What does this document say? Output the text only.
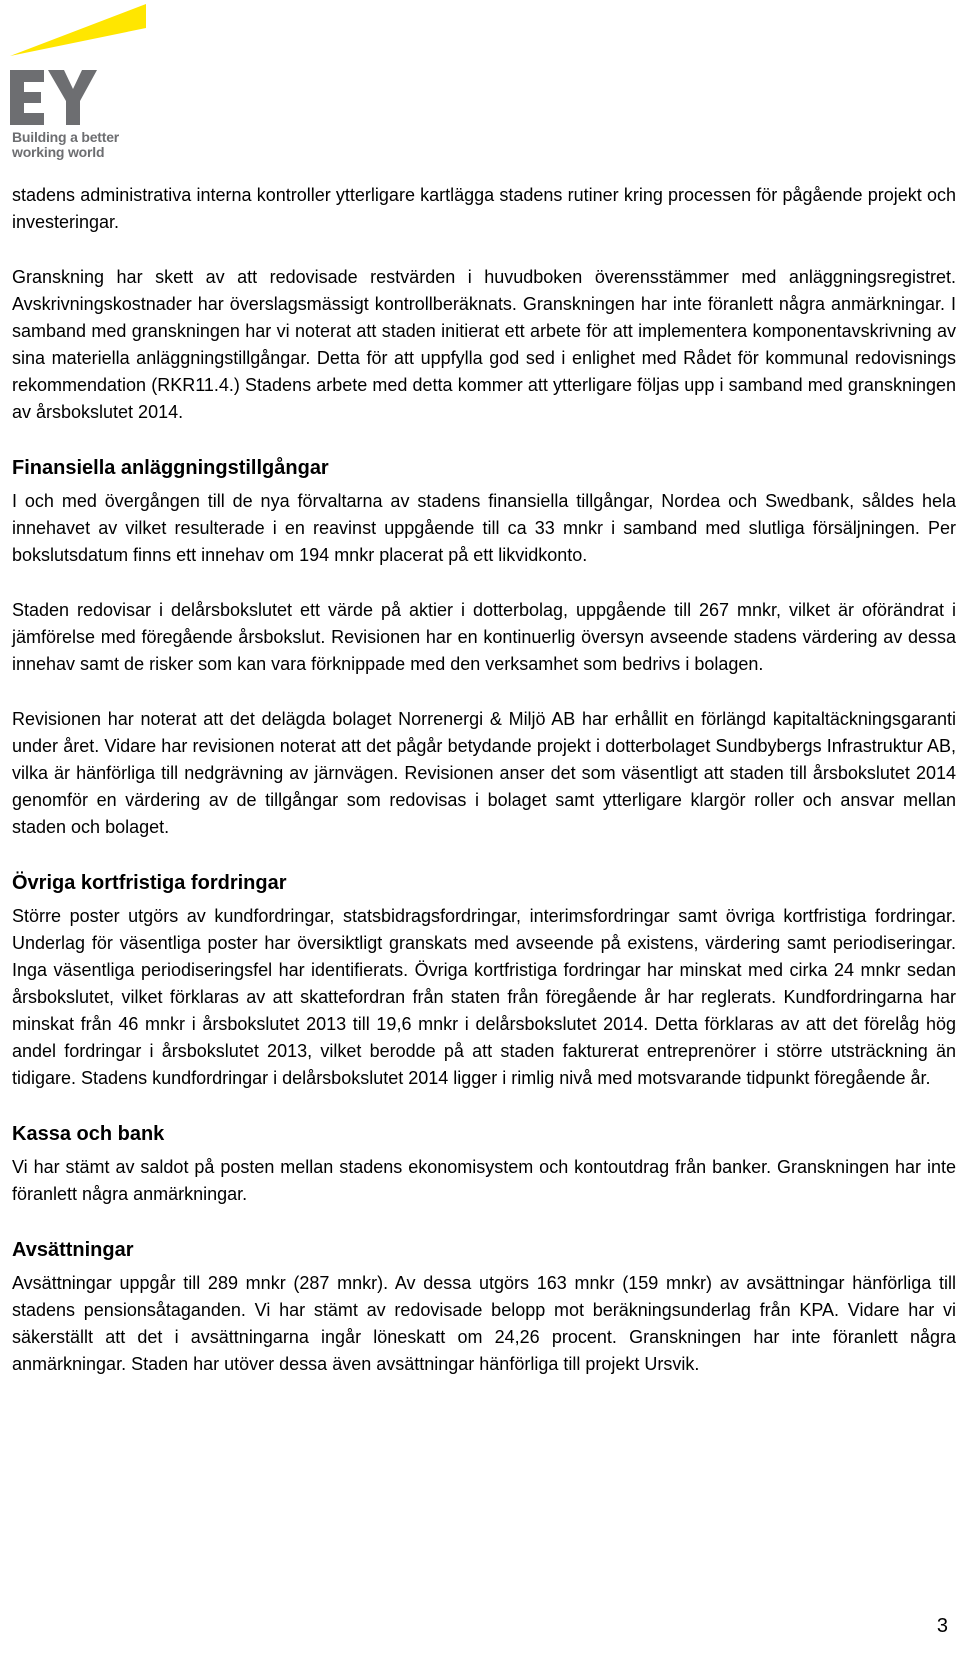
Building a better
working world

stadens administrativa interna kontroller ytterligare kartlägga stadens rutiner kring processen för pågående projekt och investeringar.

Granskning har skett av att redovisade restvärden i huvudboken överensstämmer med anläggningsregistret. Avskrivningskostnader har överslagsmässigt kontrollberäknats. Granskningen har inte föranlett några anmärkningar. I samband med granskningen har vi noterat att staden initierat ett arbete för att implementera komponentavskrivning av sina materiella anläggningstillgångar. Detta för att uppfylla god sed i enlighet med Rådet för kommunal redovisnings rekommendation (RKR11.4.) Stadens arbete med detta kommer att ytterligare följas upp i samband med granskningen av årsbokslutet 2014.

Finansiella anläggningstillgångar

I och med övergången till de nya förvaltarna av stadens finansiella tillgångar, Nordea och Swedbank, såldes hela innehavet av vilket resulterade i en reavinst uppgående till ca 33 mnkr i samband med slutliga försäljningen. Per bokslutsdatum finns ett innehav om 194 mnkr placerat på ett likvidkonto.

Staden redovisar i delårsbokslutet ett värde på aktier i dotterbolag, uppgående till 267 mnkr, vilket är oförändrat i jämförelse med föregående årsbokslut. Revisionen har en kontinuerlig översyn avseende stadens värdering av dessa innehav samt de risker som kan vara förknippade med den verksamhet som bedrivs i bolagen.

Revisionen har noterat att det delägda bolaget Norrenergi & Miljö AB har erhållit en förlängd kapitaltäckningsgaranti under året. Vidare har revisionen noterat att det pågår betydande projekt i dotterbolaget Sundbybergs Infrastruktur AB, vilka är hänförliga till nedgrävning av järnvägen. Revisionen anser det som väsentligt att staden till årsbokslutet 2014 genomför en värdering av de tillgångar som redovisas i bolaget samt ytterligare klargör roller och ansvar mellan staden och bolaget.

Övriga kortfristiga fordringar

Större poster utgörs av kundfordringar, statsbidragsfordringar, interimsfordringar samt övriga kortfristiga fordringar. Underlag för väsentliga poster har översiktligt granskats med avseende på existens, värdering samt periodiseringar. Inga väsentliga periodiseringsfel har identifierats. Övriga kortfristiga fordringar har minskat med cirka 24 mnkr sedan årsbokslutet, vilket förklaras av att skattefordran från staten från föregående år har reglerats. Kundfordringarna har minskat från 46 mnkr i årsbokslutet 2013 till 19,6 mnkr i delårsbokslutet 2014. Detta förklaras av att det förelåg hög andel fordringar i årsbokslutet 2013, vilket berodde på att staden fakturerat entreprenörer i större utsträckning än tidigare. Stadens kundfordringar i delårsbokslutet 2014 ligger i rimlig nivå med motsvarande tidpunkt föregående år.

Kassa och bank

Vi har stämt av saldot på posten mellan stadens ekonomisystem och kontoutdrag från banker. Granskningen har inte föranlett några anmärkningar.

Avsättningar

Avsättningar uppgår till 289 mnkr (287 mnkr). Av dessa utgörs 163 mnkr (159 mnkr) av avsättningar hänförliga till stadens pensionsåtaganden. Vi har stämt av redovisade belopp mot beräkningsunderlag från KPA. Vidare har vi säkerställt att det i avsättningarna ingår löneskatt om 24,26 procent. Granskningen har inte föranlett några anmärkningar. Staden har utöver dessa även avsättningar hänförliga till projekt Ursvik.

3
